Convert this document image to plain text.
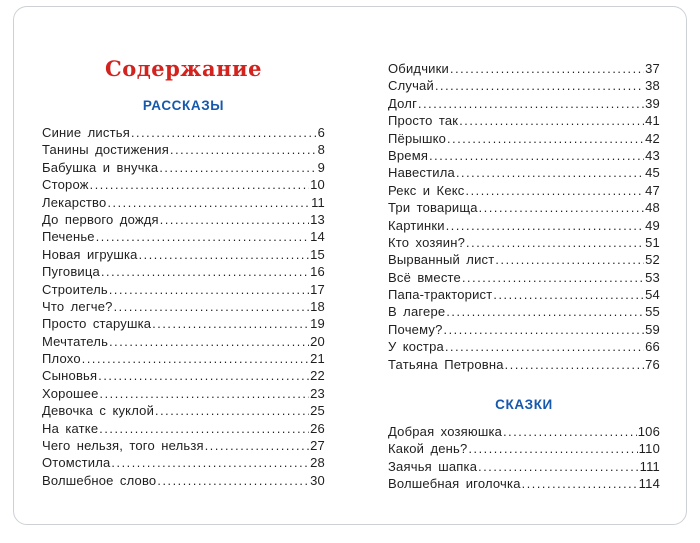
Содержание
РАССКАЗЫ
Синие листья .....	6
Танины достижения .....	8
Бабушка и внучка .....	9
Сторож .....	10
Лекарство .....	11
До первого дождя .....	13
Печенье .....	14
Новая игрушка .....	15
Пуговица .....	16
Строитель .....	17
Что легче? .....	18
Просто старушка .....	19
Мечтатель .....	20
Плохо .....	21
Сыновья .....	22
Хорошее .....	23
Девочка с куклой .....	25
На катке .....	26
Чего нельзя, того нельзя .....	27
Отомстила .....	28
Волшебное слово .....	30
Обидчики .....	37
Случай .....	38
Долг .....	39
Просто так .....	41
Пёрышко .....	42
Время .....	43
Навестила .....	45
Рекс и Кекс .....	47
Три товарища .....	48
Картинки .....	49
Кто хозяин? .....	51
Вырванный лист .....	52
Всё вместе .....	53
Папа-тракторист .....	54
В лагере .....	55
Почему? .....	59
У костра .....	66
Татьяна Петровна .....	76
СКАЗКИ
Добрая хозяюшка .....	106
Какой день? .....	110
Заячья шапка .....	111
Волшебная иголочка .....	114
